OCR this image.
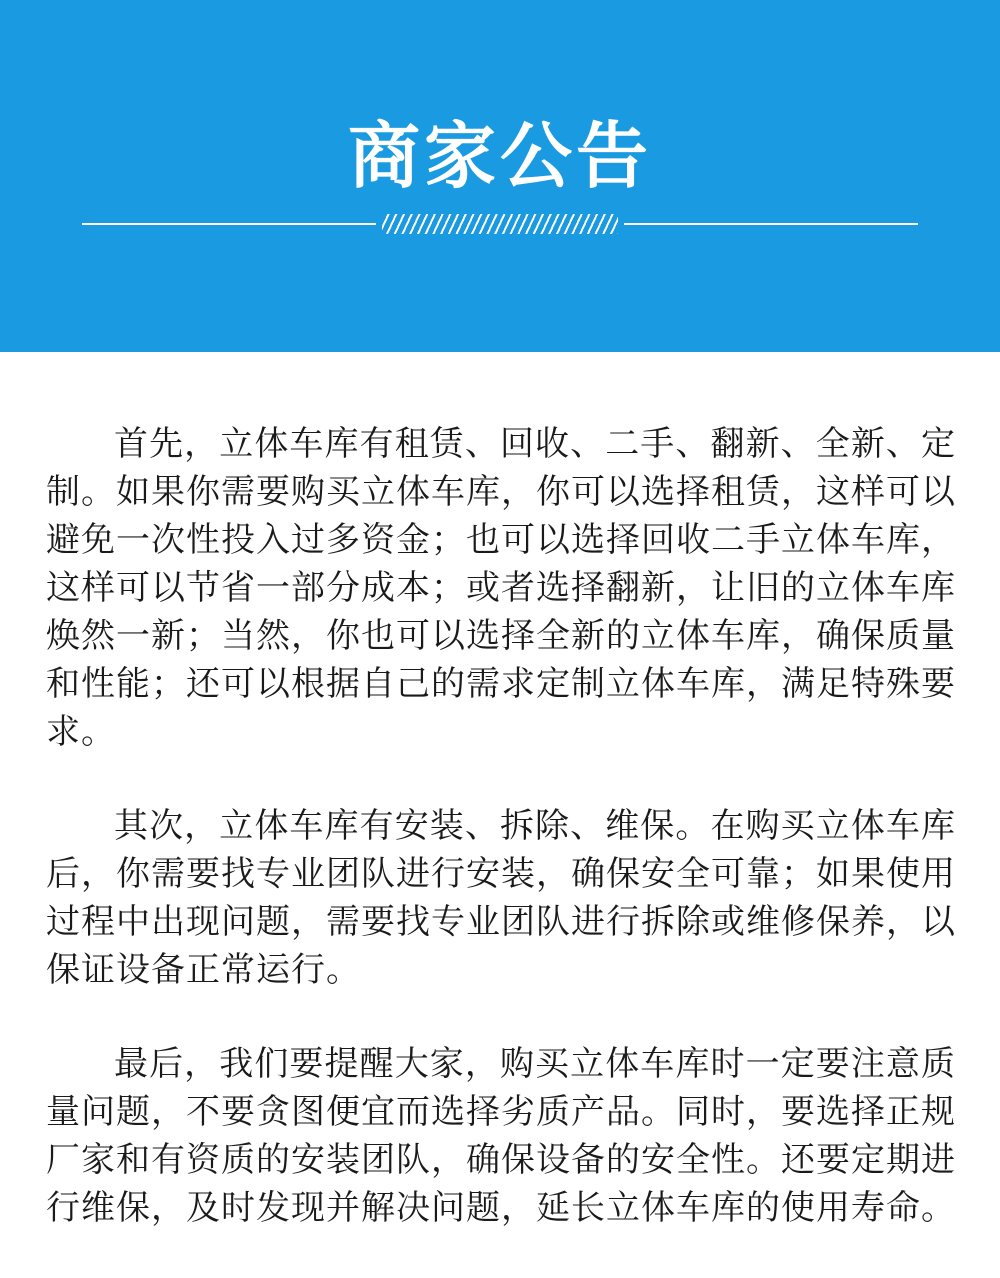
商家公告

首先，立体车库有租赁、回收、二手、翻新、全新、定制。如果你需要购买立体车库，你可以选择租赁，这样可以避免一次性投入过多资金；也可以选择回收二手立体车库，这样可以节省一部分成本；或者选择翻新，让旧的立体车库焕然一新；当然，你也可以选择全新的立体车库，确保质量和性能；还可以根据自己的需求定制立体车库，满足特殊要求。

其次，立体车库有安装、拆除、维保。在购买立体车库后，你需要找专业团队进行安装，确保安全可靠；如果使用过程中出现问题，需要找专业团队进行拆除或维修保养，以保证设备正常运行。

最后，我们要提醒大家，购买立体车库时一定要注意质量问题，不要贪图便宜而选择劣质产品。同时，要选择正规厂家和有资质的安装团队，确保设备的安全性。还要定期进行维保，及时发现并解决问题，延长立体车库的使用寿命。
